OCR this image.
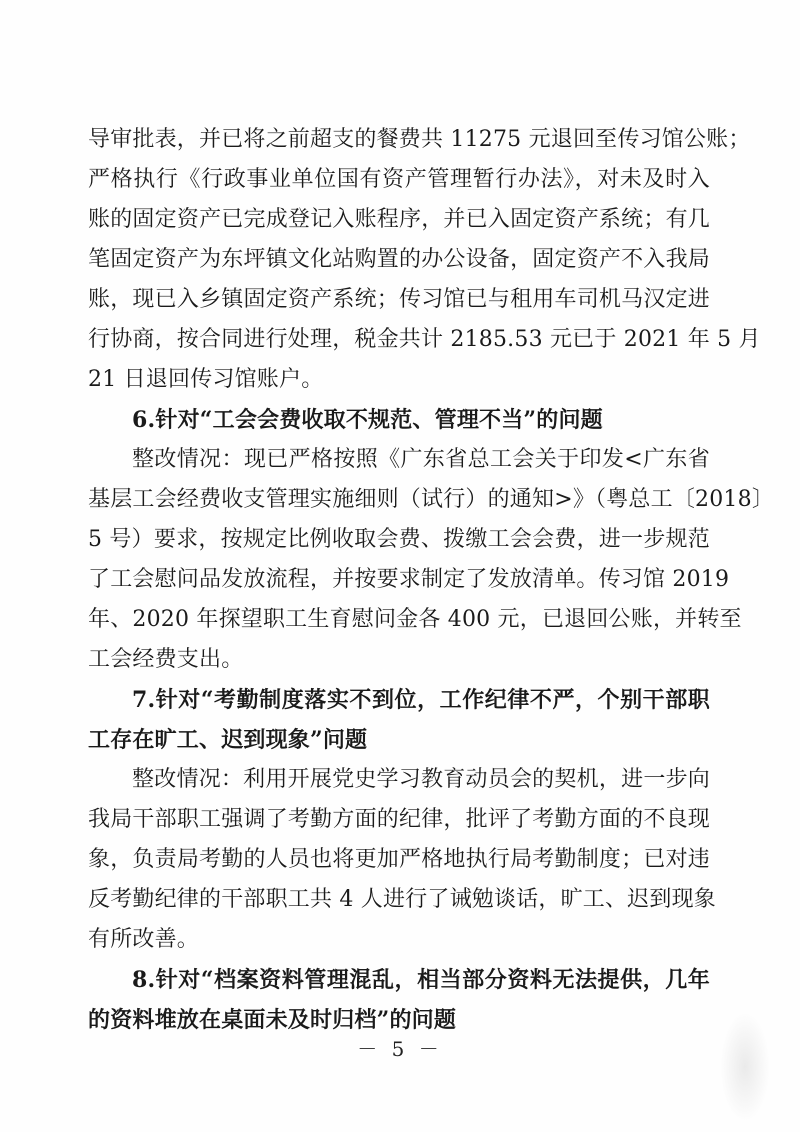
导审批表，并已将之前超支的餐费共 11275 元退回至传习馆公账；
严格执行《行政事业单位国有资产管理暂行办法》，对未及时入
账的固定资产已完成登记入账程序，并已入固定资产系统；有几
笔固定资产为东坪镇文化站购置的办公设备，固定资产不入我局
账，现已入乡镇固定资产系统；传习馆已与租用车司机马汉定进
行协商，按合同进行处理，税金共计 2185.53 元已于 2021 年 5 月
21 日退回传习馆账户。
6.针对“工会会费收取不规范、管理不当”的问题
整改情况：现已严格按照《广东省总工会关于印发<广东省
基层工会经费收支管理实施细则（试行）的通知>》（粤总工〔2018〕
5 号）要求，按规定比例收取会费、拨缴工会会费，进一步规范
了工会慰问品发放流程，并按要求制定了发放清单。传习馆 2019
年、2020 年探望职工生育慰问金各 400 元，已退回公账，并转至
工会经费支出。
7.针对“考勤制度落实不到位，工作纪律不严，个别干部职
工存在旷工、迟到现象”问题
整改情况：利用开展党史学习教育动员会的契机，进一步向
我局干部职工强调了考勤方面的纪律，批评了考勤方面的不良现
象，负责局考勤的人员也将更加严格地执行局考勤制度；已对违
反考勤纪律的干部职工共 4 人进行了诫勉谈话，旷工、迟到现象
有所改善。
8.针对“档案资料管理混乱，相当部分资料无法提供，几年
的资料堆放在桌面未及时归档”的问题
－ 5 －
